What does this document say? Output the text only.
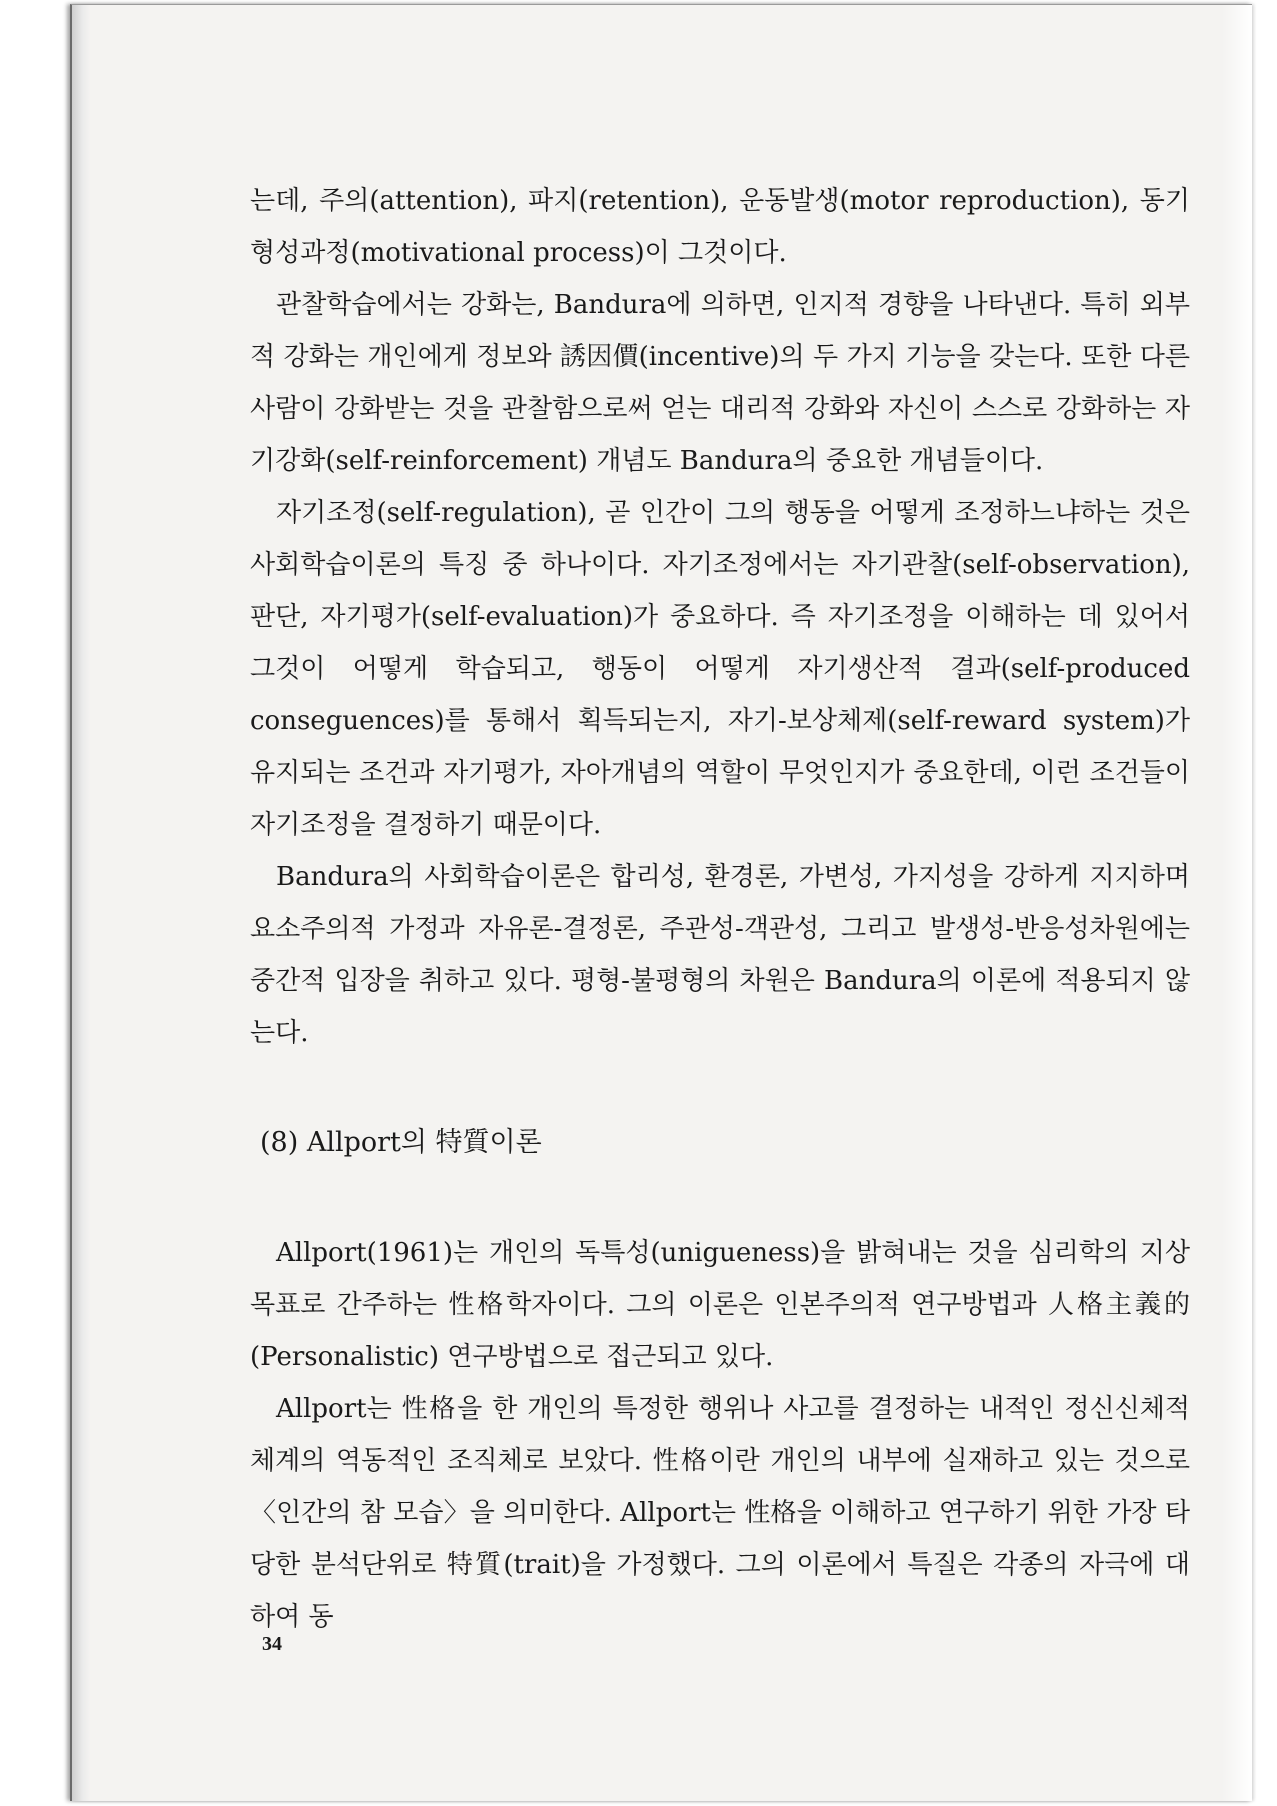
는데, 주의(attention), 파지(retention), 운동발생(motor reproduction), 동기형성과정(motivational process)이 그것이다.

관찰학습에서는 강화는, Bandura에 의하면, 인지적 경향을 나타낸다. 특히 외부적 강화는 개인에게 정보와 誘因價(incentive)의 두 가지 기능을 갖는다. 또한 다른 사람이 강화받는 것을 관찰함으로써 얻는 대리적 강화와 자신이 스스로 강화하는 자기강화(self-reinforcement) 개념도 Bandura의 중요한 개념들이다.

자기조정(self-regulation), 곧 인간이 그의 행동을 어떻게 조정하느냐하는 것은 사회학습이론의 특징 중 하나이다. 자기조정에서는 자기관찰(self-observation), 판단, 자기평가(self-evaluation)가 중요하다. 즉 자기조정을 이해하는 데 있어서 그것이 어떻게 학습되고, 행동이 어떻게 자기생산적 결과(self-produced conseguences)를 통해서 획득되는지, 자기-보상체제(self-reward system)가 유지되는 조건과 자기평가, 자아개념의 역할이 무엇인지가 중요한데, 이런 조건들이 자기조정을 결정하기 때문이다.

Bandura의 사회학습이론은 합리성, 환경론, 가변성, 가지성을 강하게 지지하며 요소주의적 가정과 자유론-결정론, 주관성-객관성, 그리고 발생성-반응성차원에는 중간적 입장을 취하고 있다. 평형-불평형의 차원은 Bandura의 이론에 적용되지 않는다.

(8) Allport의 特質이론

Allport(1961)는 개인의 독특성(unigueness)을 밝혀내는 것을 심리학의 지상목표로 간주하는 性格학자이다. 그의 이론은 인본주의적 연구방법과 人格主義的(Personalistic) 연구방법으로 접근되고 있다.

Allport는 性格을 한 개인의 특정한 행위나 사고를 결정하는 내적인 정신신체적 체계의 역동적인 조직체로 보았다. 性格이란 개인의 내부에 실재하고 있는 것으로 〈인간의 참 모습〉을 의미한다. Allport는 性格을 이해하고 연구하기 위한 가장 타당한 분석단위로 特質(trait)을 가정했다. 그의 이론에서 특질은 각종의 자극에 대하여 동

34
